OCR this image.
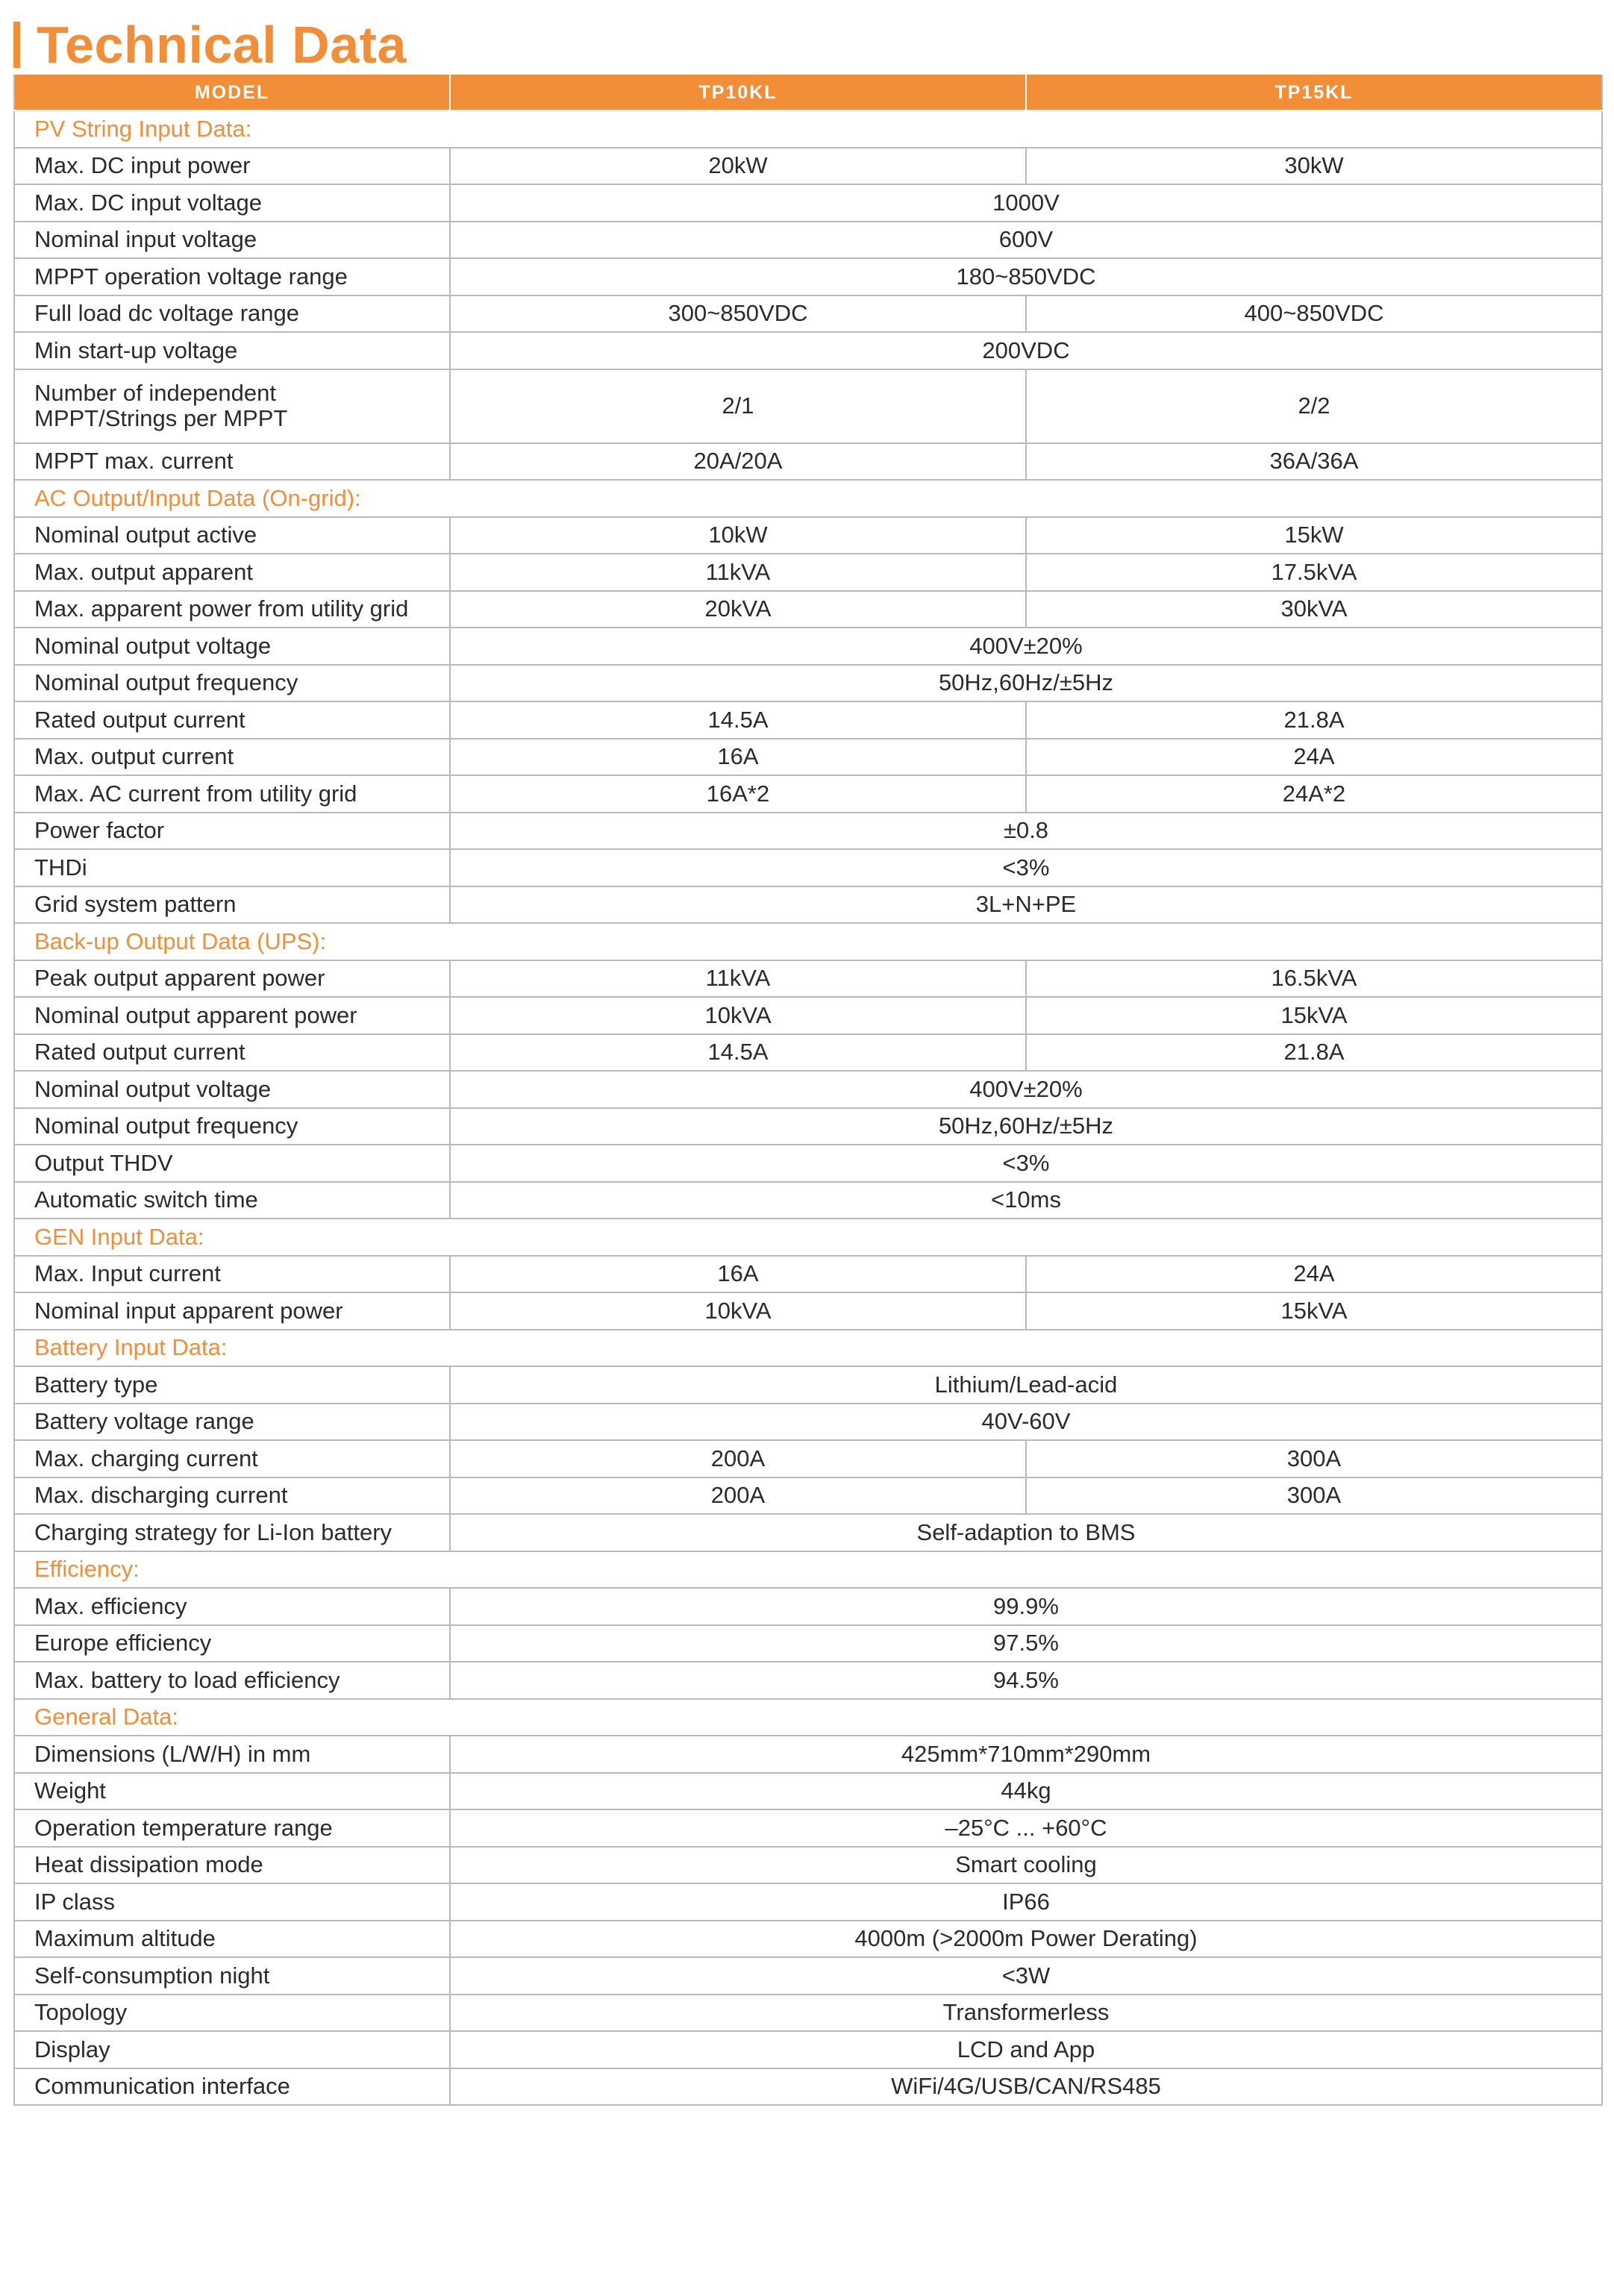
Technical Data
MODEL	TP10KL	TP15KL
PV String Input Data:		
Max. DC input power	20kW	30kW
Max. DC input voltage	1000V	
Nominal input voltage	600V	
MPPT operation voltage range	180~850VDC	
Full load dc voltage range	300~850VDC	400~850VDC
Min start-up voltage	200VDC	
Number of independent
MPPT/Strings per MPPT	2/1	2/2
MPPT max. current	20A/20A	36A/36A
AC Output/Input Data (On-grid):		
Nominal output active	10kW	15kW
Max. output apparent	11kVA	17.5kVA
Max. apparent power from utility grid	20kVA	30kVA
Nominal output voltage	400V±20%	
Nominal output frequency	50Hz,60Hz/±5Hz	
Rated output current	14.5A	21.8A
Max. output current	16A	24A
Max. AC current from utility grid	16A*2	24A*2
Power factor	±0.8	
THDi	<3%	
Grid system pattern	3L+N+PE	
Back-up Output Data (UPS):		
Peak output apparent power	11kVA	16.5kVA
Nominal output apparent power	10kVA	15kVA
Rated output current	14.5A	21.8A
Nominal output voltage	400V±20%	
Nominal output frequency	50Hz,60Hz/±5Hz	
Output THDV	<3%	
Automatic switch time	<10ms	
GEN Input Data:		
Max. Input current	16A	24A
Nominal input apparent power	10kVA	15kVA
Battery Input Data:		
Battery type	Lithium/Lead-acid	
Battery voltage range	40V-60V	
Max. charging current	200A	300A
Max. discharging current	200A	300A
Charging strategy for Li-Ion battery	Self-adaption to BMS	
Efficiency:		
Max. efficiency	99.9%	
Europe efficiency	97.5%	
Max. battery to load efficiency	94.5%	
General Data:		
Dimensions (L/W/H) in mm	425mm*710mm*290mm	
Weight	44kg	
Operation temperature range	–25°C ... +60°C	
Heat dissipation mode	Smart cooling	
IP class	IP66	
Maximum altitude	4000m (>2000m Power Derating)	
Self-consumption night	<3W	
Topology	Transformerless	
Display	LCD and App	
Communication interface	WiFi/4G/USB/CAN/RS485	
